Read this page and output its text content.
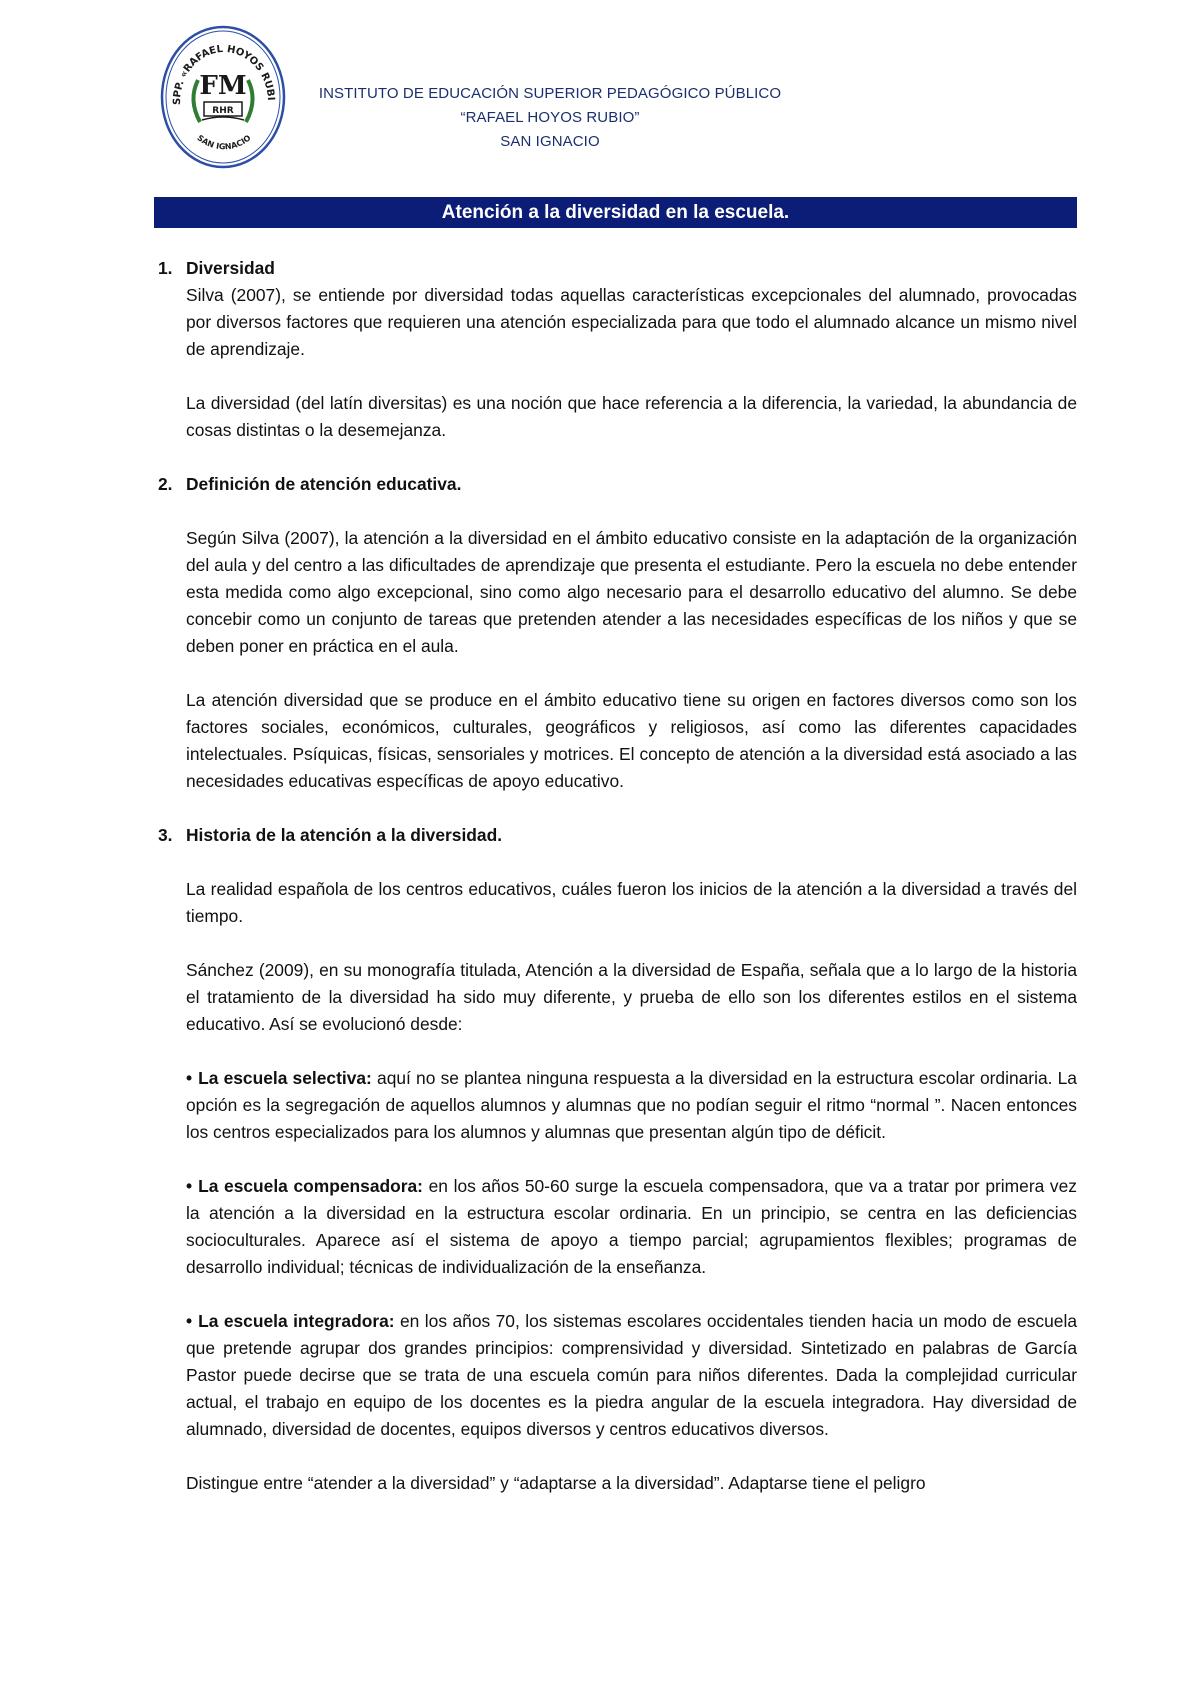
SPP. «RAFAEL HOYOS RUBI
SAN IGNACIO
FM
RHR
INSTITUTO DE EDUCACIÓN SUPERIOR PEDAGÓGICO PÚBLICO
“RAFAEL HOYOS RUBIO”
SAN IGNACIO
Atención a la diversidad en la escuela.
1. Diversidad

Silva (2007), se entiende por diversidad todas aquellas características excepcionales del alumnado, provocadas por diversos factores que requieren una atención especializada para que todo el alumnado alcance un mismo nivel de aprendizaje.

La diversidad (del latín diversitas) es una noción que hace referencia a la diferencia, la variedad, la abundancia de cosas distintas o la desemejanza.

2. Definición de atención educativa.

Según Silva (2007), la atención a la diversidad en el ámbito educativo consiste en la adaptación de la organización del aula y del centro a las dificultades de aprendizaje que presenta el estudiante. Pero la escuela no debe entender esta medida como algo excepcional, sino como algo necesario para el desarrollo educativo del alumno. Se debe concebir como un conjunto de tareas que pretenden atender a las necesidades específicas de los niños y que se deben poner en práctica en el aula.

La atención diversidad que se produce en el ámbito educativo tiene su origen en factores diversos como son los factores sociales, económicos, culturales, geográficos y religiosos, así como las diferentes capacidades intelectuales. Psíquicas, físicas, sensoriales y motrices. El concepto de atención a la diversidad está asociado a las necesidades educativas específicas de apoyo educativo.

3. Historia de la atención a la diversidad.

La realidad española de los centros educativos, cuáles fueron los inicios de la atención a la diversidad a través del tiempo.

Sánchez (2009), en su monografía titulada, Atención a la diversidad de España, señala que a lo largo de la historia el tratamiento de la diversidad ha sido muy diferente, y prueba de ello son los diferentes estilos en el sistema educativo. Así se evolucionó desde:

• La escuela selectiva: aquí no se plantea ninguna respuesta a la diversidad en la estructura escolar ordinaria. La opción es la segregación de aquellos alumnos y alumnas que no podían seguir el ritmo “normal ”. Nacen entonces los centros especializados para los alumnos y alumnas que presentan algún tipo de déficit.

• La escuela compensadora: en los años 50-60 surge la escuela compensadora, que va a tratar por primera vez la atención a la diversidad en la estructura escolar ordinaria. En un principio, se centra en las deficiencias socioculturales. Aparece así el sistema de apoyo a tiempo parcial; agrupamientos flexibles; programas de desarrollo individual; técnicas de individualización de la enseñanza.

• La escuela integradora: en los años 70, los sistemas escolares occidentales tienden hacia un modo de escuela que pretende agrupar dos grandes principios: comprensividad y diversidad. Sintetizado en palabras de García Pastor puede decirse que se trata de una escuela común para niños diferentes. Dada la complejidad curricular actual, el trabajo en equipo de los docentes es la piedra angular de la escuela integradora. Hay diversidad de alumnado, diversidad de docentes, equipos diversos y centros educativos diversos.

Distingue entre “atender a la diversidad” y “adaptarse a la diversidad”. Adaptarse tiene el peligro
